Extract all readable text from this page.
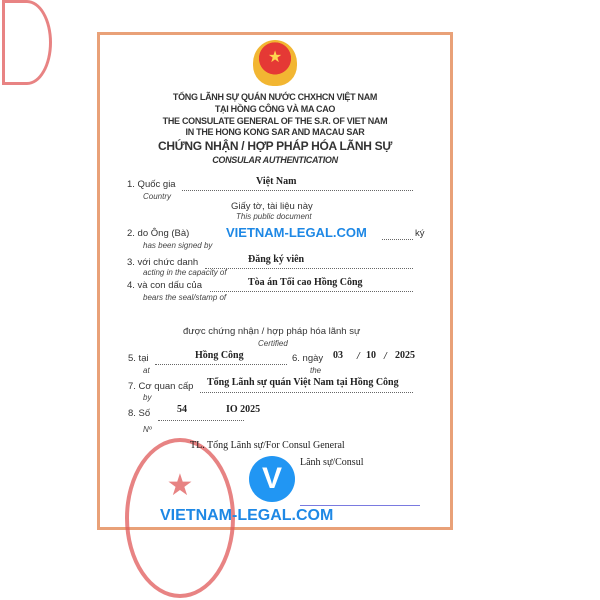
★
TỔNG LÃNH SỰ QUÁN NƯỚC CHXHCN VIỆT NAM
TẠI HỒNG CÔNG VÀ MA CAO
THE CONSULATE GENERAL OF THE S.R. OF VIET NAM
IN THE HONG KONG SAR AND MACAU SAR
CHỨNG NHẬN / HỢP PHÁP HÓA LÃNH SỰ
CONSULAR AUTHENTICATION
1. Quốc gia	Việt Nam
Country
Giấy tờ, tài liệu này
This public document
2. do Ông (Bà)	VIETNAM-LEGAL.COM	ký
has been signed by
3. với chức danh	Đăng ký viên
acting in the capacity of
4. và con dấu của	Tòa án Tối cao Hồng Công
bears the seal/stamp of
được chứng nhận / hợp pháp hóa lãnh sự
Certified
5. tại	Hồng Công
at
6. ngày
the
03 / 10 / 2025
7. Cơ quan cấp Tổng Lãnh sự quán Việt Nam tại Hồng Công
by
8. Số	54	IO 2025
Nº
★
TL. Tổng Lãnh sự/For Consul General
Lãnh sự/Consul
V
VIETNAM-LEGAL.COM
